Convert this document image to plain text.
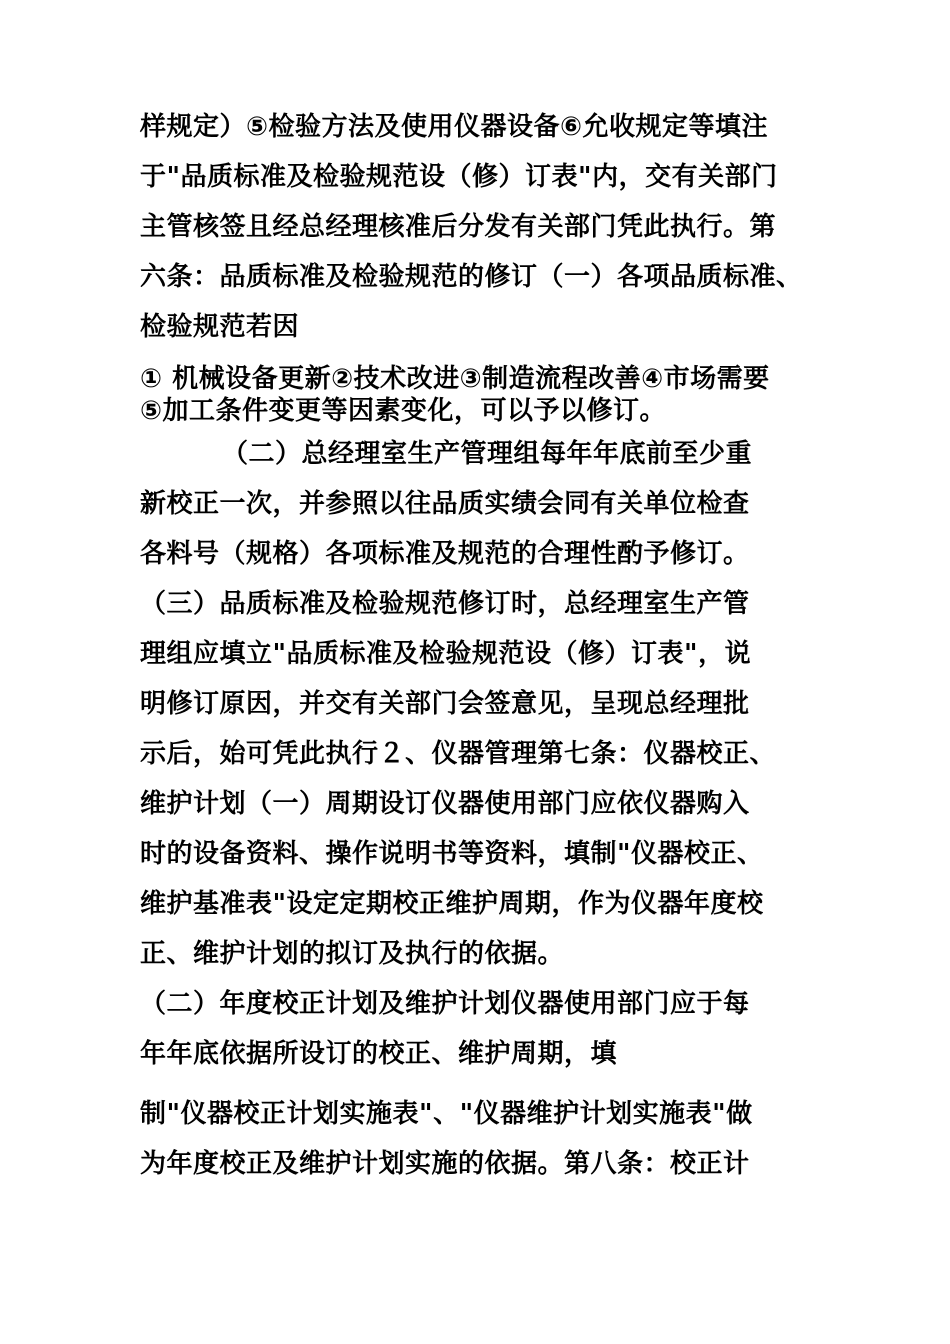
样规定）⑤检验方法及使用仪器设备⑥允收规定等填注
于"品质标准及检验规范设（修）订表"内，交有关部门
主管核签且经总经理核准后分发有关部门凭此执行。第
六条：品质标准及检验规范的修订（一）各项品质标准、
检验规范若因
① 机械设备更新②技术改进③制造流程改善④市场需要
⑤加工条件变更等因素变化，可以予以修订。
（二）总经理室生产管理组每年年底前至少重
新校正一次，并参照以往品质实绩会同有关单位检查
各料号（规格）各项标准及规范的合理性酌予修订。
（三）品质标准及检验规范修订时，总经理室生产管
理组应填立"品质标准及检验规范设（修）订表"，说
明修订原因，并交有关部门会签意见，呈现总经理批
示后，始可凭此执行２、仪器管理第七条：仪器校正、
维护计划（一）周期设订仪器使用部门应依仪器购入
时的设备资料、操作说明书等资料，填制"仪器校正、
维护基准表"设定定期校正维护周期，作为仪器年度校
正、维护计划的拟订及执行的依据。
（二）年度校正计划及维护计划仪器使用部门应于每
年年底依据所设订的校正、维护周期，填
制"仪器校正计划实施表"、"仪器维护计划实施表"做
为年度校正及维护计划实施的依据。第八条：校正计
